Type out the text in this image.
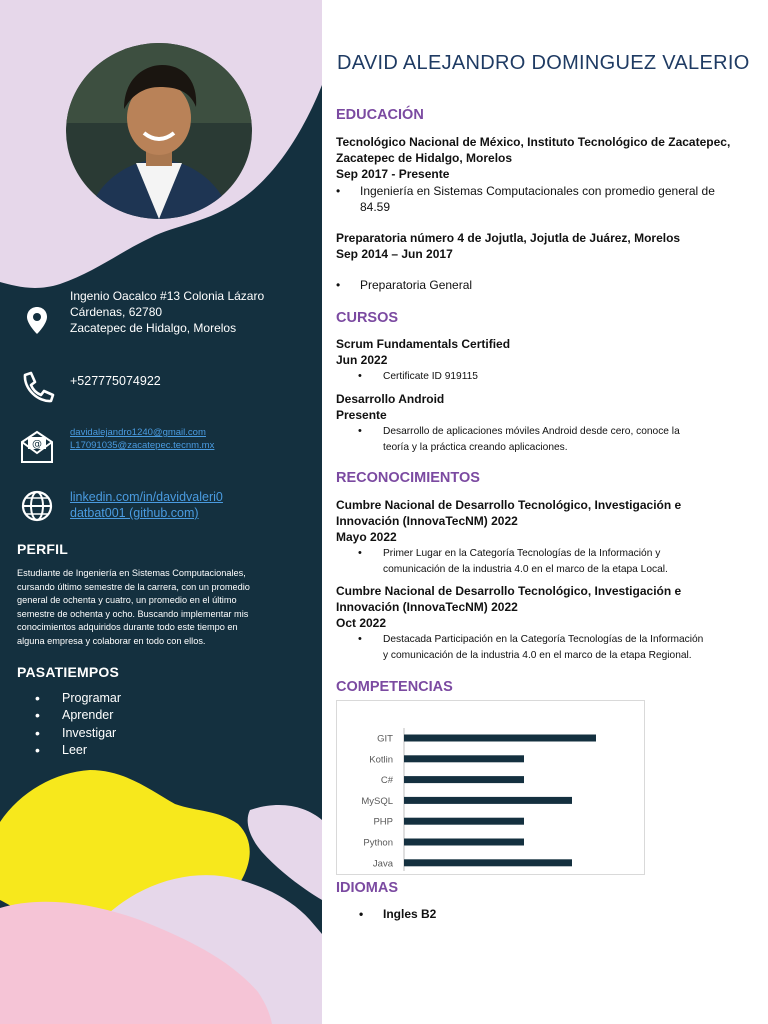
Ingenio Oacalco #13 Colonia Lázaro
Cárdenas, 62780
Zacatepec de Hidalgo, Morelos
+527775074922
@
davidalejandro1240@gmail.com
L17091035@zacatepec.tecnm.mx
linkedin.com/in/davidvaleri0
datbat001 (github.com)
PERFIL
Estudiante de Ingeniería en Sistemas Computacionales,
cursando último semestre de la carrera, con un promedio
general de ochenta y cuatro, un promedio en el último
semestre de ochenta y ocho. Buscando implementar mis
conocimientos adquiridos durante todo este tiempo en
alguna empresa y colaborar en todo con ellos.
PASATIEMPOS
• Programar
• Aprender
• Investigar
• Leer
DAVID ALEJANDRO DOMINGUEZ VALERIO
EDUCACIÓN
Tecnológico Nacional de México, Instituto Tecnológico de Zacatepec,
Zacatepec de Hidalgo, Morelos
Sep 2017 - Presente
• Ingeniería en Sistemas Computacionales con promedio general de
84.59
Preparatoria número 4 de Jojutla, Jojutla de Juárez, Morelos
Sep 2014 – Jun 2017
• Preparatoria General
CURSOS
Scrum Fundamentals Certified
Jun 2022
• Certificate ID 919115
Desarrollo Android
Presente
• Desarrollo de aplicaciones móviles Android desde cero, conoce la
teoría y la práctica creando aplicaciones.
RECONOCIMIENTOS
Cumbre Nacional de Desarrollo Tecnológico, Investigación e
Innovación (InnovaTecNM) 2022
Mayo 2022
• Primer Lugar en la Categoría Tecnologías de la Información y
comunicación de la industria 4.0 en el marco de la etapa Local.
Cumbre Nacional de Desarrollo Tecnológico, Investigación e
Innovación (InnovaTecNM) 2022
Oct 2022
• Destacada Participación en la Categoría Tecnologías de la Información
y comunicación de la industria 4.0 en el marco de la etapa Regional.
COMPETENCIAS
GIT
Kotlin
C#
MySQL
PHP
Python
Java
IDIOMAS
• Ingles B2
